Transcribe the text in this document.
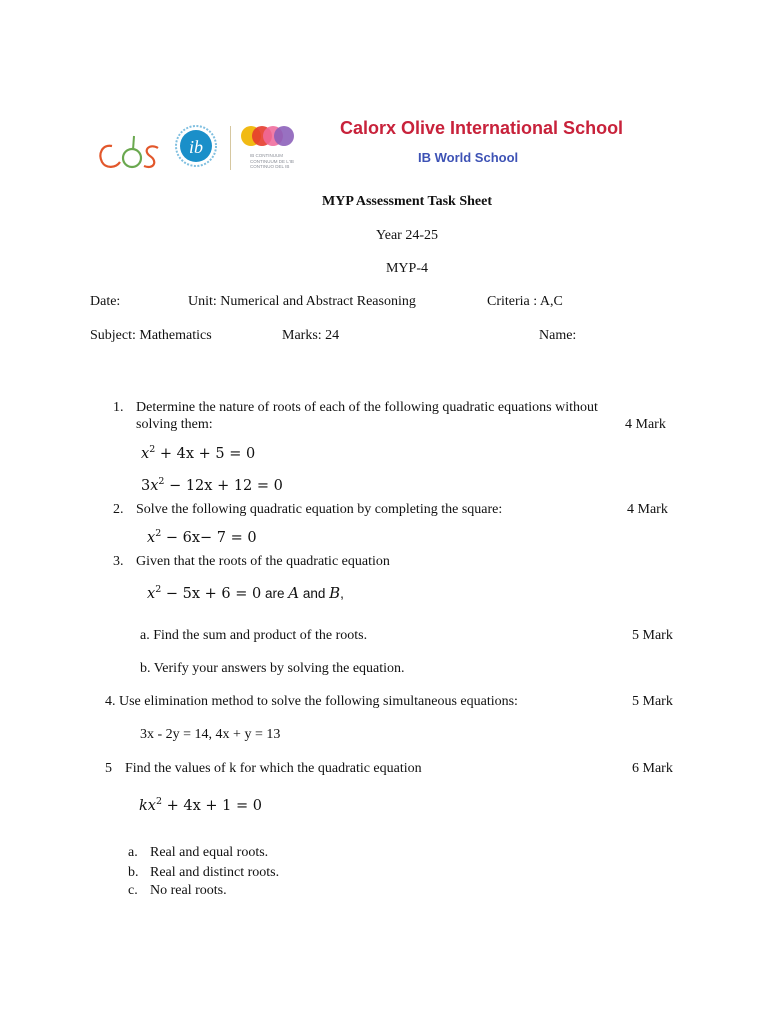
ib	IB CONTINUUM CONTINUUM DE L'IB CONTINUO DEL IB
Calorx Olive International School
IB World School
MYP Assessment Task Sheet
Year 24-25
MYP-4
Date:	Unit: Numerical and Abstract Reasoning	Criteria : A,C
Subject: Mathematics	Marks: 24	Name:
1. Determine the nature of roots of each of the following quadratic equations without
solving them:	4 Mark
$x^2 + 4x + 5 = 0$
$3x^2 - 12x + 12 = 0$
2. Solve the following quadratic equation by completing the square:	4 Mark
$x^2 - 6x- 7 = 0$
3. Given that the roots of the quadratic equation
$x^2 - 5x + 6 = 0$ are A and B,
a. Find the sum and product of the roots.	5 Mark
b. Verify your answers by solving the equation.
4. Use elimination method to solve the following simultaneous equations:	5 Mark
3x - 2y = 14, 4x + y = 13
5 Find the values of k for which the quadratic equation	6 Mark
$kx^2 + 4x + 1 = 0$
a. Real and equal roots.
b. Real and distinct roots.
c. No real roots.
